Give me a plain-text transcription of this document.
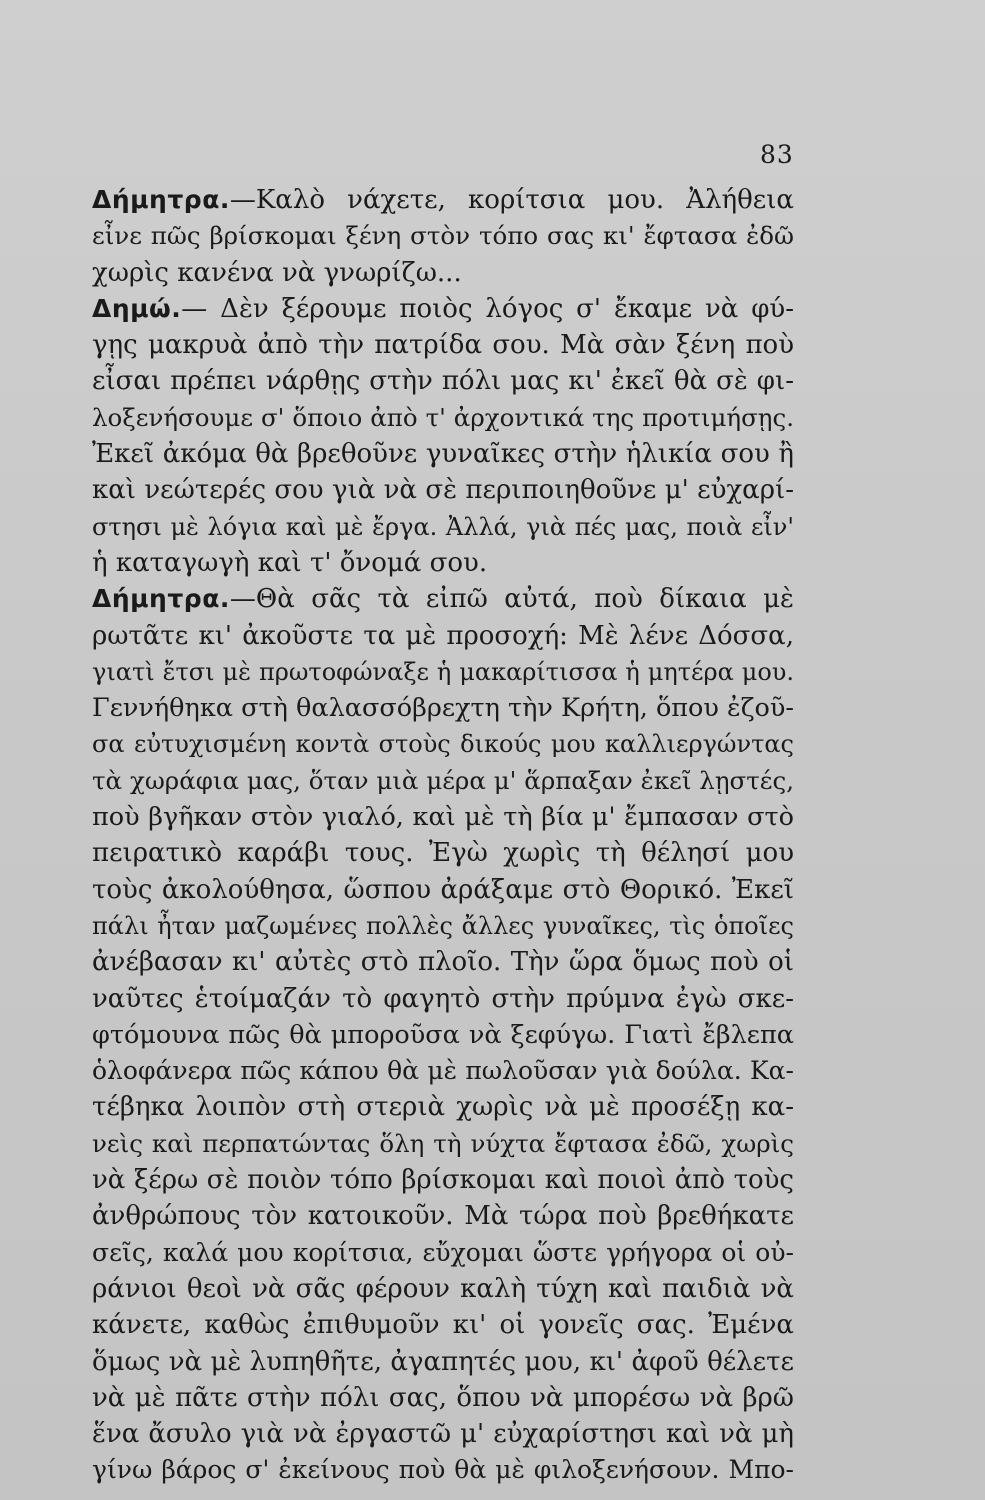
83
Δήμητρα.—Καλὸ νάχετε, κορίτσια μου. Ἀλήθεια
εἶνε πῶς βρίσκομαι ξένη στὸν τόπο σας κι' ἔφτασα ἐδῶ
χωρὶς κανένα νὰ γνωρίζω...
Δημώ.— Δὲν ξέρουμε ποιὸς λόγος σ' ἔκαμε νὰ φύ-
γῃς μακρυὰ ἀπὸ τὴν πατρίδα σου. Μὰ σὰν ξένη ποὺ
εἶσαι πρέπει νάρθῃς στὴν πόλι μας κι' ἐκεῖ θὰ σὲ φι-
λοξενήσουμε σ' ὅποιο ἀπὸ τ' ἀρχοντικά της προτιμήσῃς.
Ἐκεῖ ἀκόμα θὰ βρεθοῦνε γυναῖκες στὴν ἡλικία σου ἢ
καὶ νεώτερές σου γιὰ νὰ σὲ περιποιηθοῦνε μ' εὐχαρί-
στησι μὲ λόγια καὶ μὲ ἔργα. Ἀλλά, γιὰ πές μας, ποιὰ εἶν'
ἡ καταγωγὴ καὶ τ' ὄνομά σου.
Δήμητρα.—Θὰ σᾶς τὰ εἰπῶ αὐτά, ποὺ δίκαια μὲ
ρωτᾶτε κι' ἀκοῦστε τα μὲ προσοχή: Μὲ λένε Δόσσα,
γιατὶ ἔτσι μὲ πρωτοφώναξε ἡ μακαρίτισσα ἡ μητέρα μου.
Γεννήθηκα στὴ θαλασσόβρεχτη τὴν Κρήτη, ὅπου ἐζοῦ-
σα εὐτυχισμένη κοντὰ στοὺς δικούς μου καλλιεργώντας
τὰ χωράφια μας, ὅταν μιὰ μέρα μ' ἅρπαξαν ἐκεῖ λῃστές,
ποὺ βγῆκαν στὸν γιαλό, καὶ μὲ τὴ βία μ' ἔμπασαν στὸ
πειρατικὸ καράβι τους. Ἐγὼ χωρὶς τὴ θέλησί μου
τοὺς ἀκολούθησα, ὥσπου ἀράξαμε στὸ Θορικό. Ἐκεῖ
πάλι ἦταν μαζωμένες πολλὲς ἄλλες γυναῖκες, τὶς ὁποῖες
ἀνέβασαν κι' αὐτὲς στὸ πλοῖο. Τὴν ὥρα ὅμως ποὺ οἱ
ναῦτες ἑτοίμαζάν τὸ φαγητὸ στὴν πρύμνα ἐγὼ σκε-
φτόμουνα πῶς θὰ μποροῦσα νὰ ξεφύγω. Γιατὶ ἔβλεπα
ὁλοφάνερα πῶς κάπου θὰ μὲ πωλοῦσαν γιὰ δούλα. Κα-
τέβηκα λοιπὸν στὴ στεριὰ χωρὶς νὰ μὲ προσέξῃ κα-
νεὶς καὶ περπατώντας ὅλη τὴ νύχτα ἔφτασα ἐδῶ, χωρὶς
νὰ ξέρω σὲ ποιὸν τόπο βρίσκομαι καὶ ποιοὶ ἀπὸ τοὺς
ἀνθρώπους τὸν κατοικοῦν. Μὰ τώρα ποὺ βρεθήκατε
σεῖς, καλά μου κορίτσια, εὔχομαι ὥστε γρήγορα οἱ οὐ-
ράνιοι θεοὶ νὰ σᾶς φέρουν καλὴ τύχη καὶ παιδιὰ νὰ
κάνετε, καθὼς ἐπιθυμοῦν κι' οἱ γονεῖς σας. Ἐμένα
ὅμως νὰ μὲ λυπηθῆτε, ἀγαπητές μου, κι' ἀφοῦ θέλετε
νὰ μὲ πᾶτε στὴν πόλι σας, ὅπου νὰ μπορέσω νὰ βρῶ
ἕνα ἄσυλο γιὰ νὰ ἐργαστῶ μ' εὐχαρίστησι καὶ νὰ μὴ
γίνω βάρος σ' ἐκείνους ποὺ θὰ μὲ φιλοξενήσουν. Μπο-
